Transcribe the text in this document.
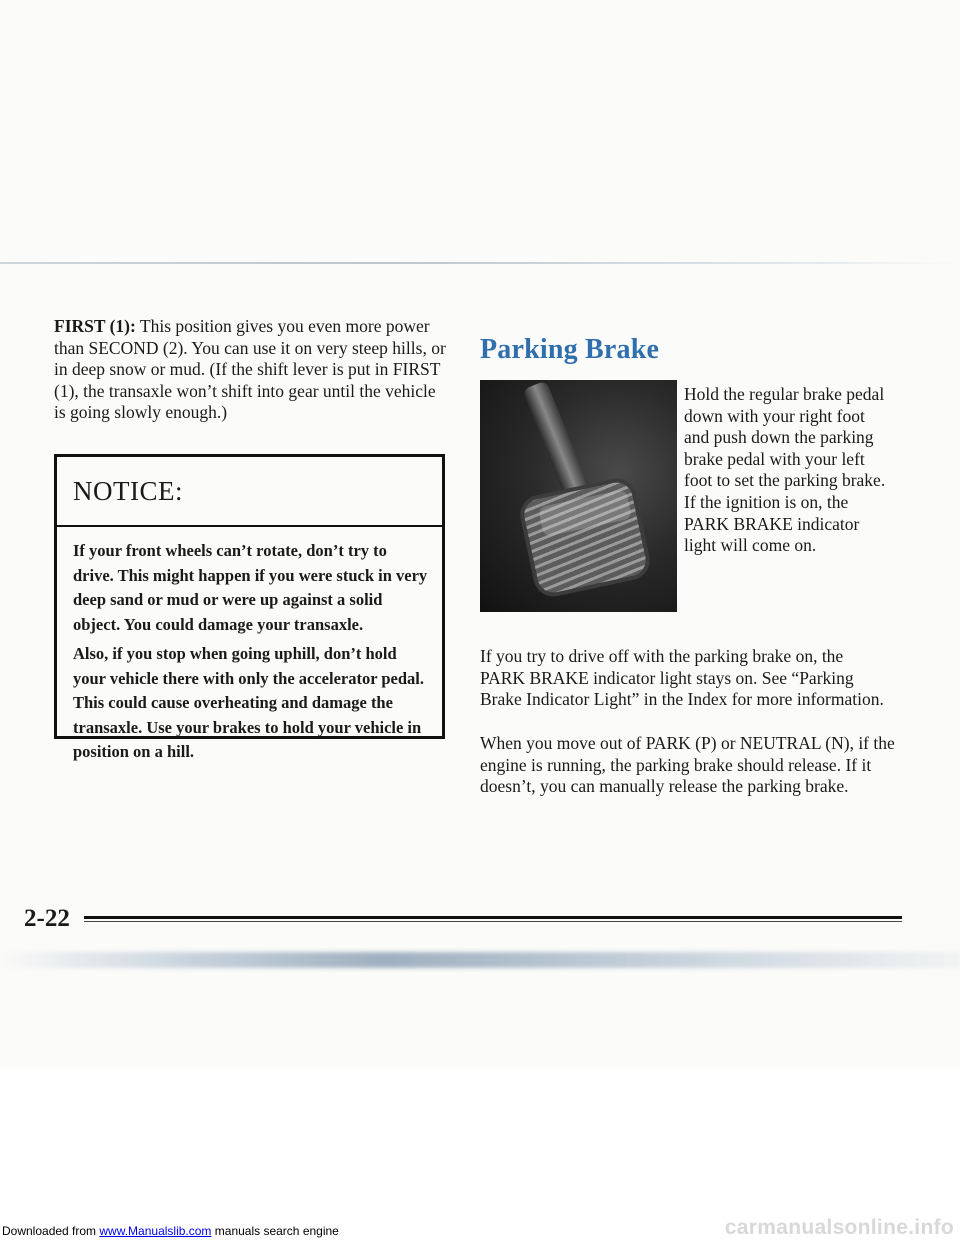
FIRST (1): This position gives you even more power than SECOND (2). You can use it on very steep hills, or in deep snow or mud. (If the shift lever is put in FIRST (1), the transaxle won’t shift into gear until the vehicle is going slowly enough.)

NOTICE:

If your front wheels can’t rotate, don’t try to drive. This might happen if you were stuck in very deep sand or mud or were up against a solid object. You could damage your transaxle.

Also, if you stop when going uphill, don’t hold your vehicle there with only the accelerator pedal. This could cause overheating and damage the transaxle. Use your brakes to hold your vehicle in position on a hill.

Parking Brake

Hold the regular brake pedal down with your right foot and push down the parking brake pedal with your left foot to set the parking brake. If the ignition is on, the PARK BRAKE indicator light will come on.

If you try to drive off with the parking brake on, the PARK BRAKE indicator light stays on. See “Parking Brake Indicator Light” in the Index for more information.

When you move out of PARK (P) or NEUTRAL (N), if the engine is running, the parking brake should release. If it doesn’t, you can manually release the parking brake.

2-22
Downloaded from www.Manualslib.com manuals search engine	carmanualsonline.info
